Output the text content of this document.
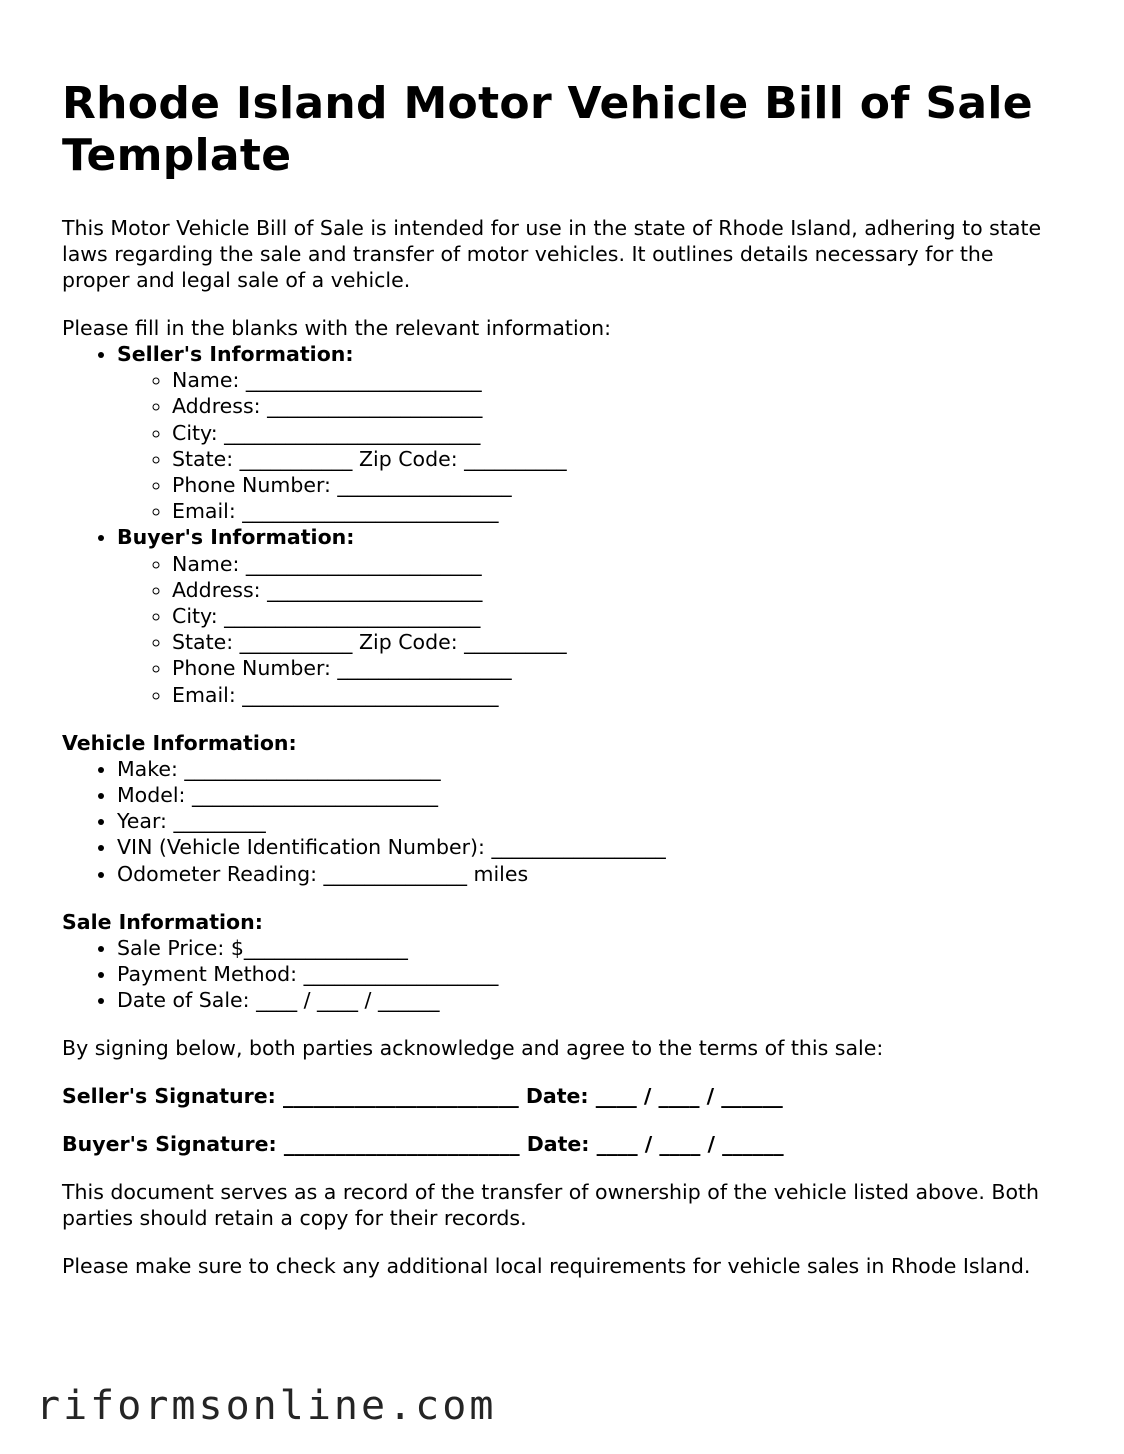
Rhode Island Motor Vehicle Bill of Sale Template

This Motor Vehicle Bill of Sale is intended for use in the state of Rhode Island, adhering to state laws regarding the sale and transfer of motor vehicles. It outlines details necessary for the proper and legal sale of a vehicle.

Please fill in the blanks with the relevant information:

• Seller's Information:
◦ Name: _______________________
◦ Address: _____________________
◦ City: _________________________
◦ State: ___________ Zip Code: __________
◦ Phone Number: _________________
◦ Email: _________________________
• Buyer's Information:
◦ Name: _______________________
◦ Address: _____________________
◦ City: _________________________
◦ State: ___________ Zip Code: __________
◦ Phone Number: _________________
◦ Email: _________________________

Vehicle Information:

• Make: _________________________
• Model: ________________________
• Year: _________
• VIN (Vehicle Identification Number): _________________
• Odometer Reading: ______________ miles

Sale Information:

• Sale Price: $________________
• Payment Method: ___________________
• Date of Sale: ____ / ____ / ______

By signing below, both parties acknowledge and agree to the terms of this sale:

Seller's Signature: _______________________ Date: ____ / ____ / ______

Buyer's Signature: _______________________ Date: ____ / ____ / ______

This document serves as a record of the transfer of ownership of the vehicle listed above. Both parties should retain a copy for their records.

Please make sure to check any additional local requirements for vehicle sales in Rhode Island.

riformsonline.com
